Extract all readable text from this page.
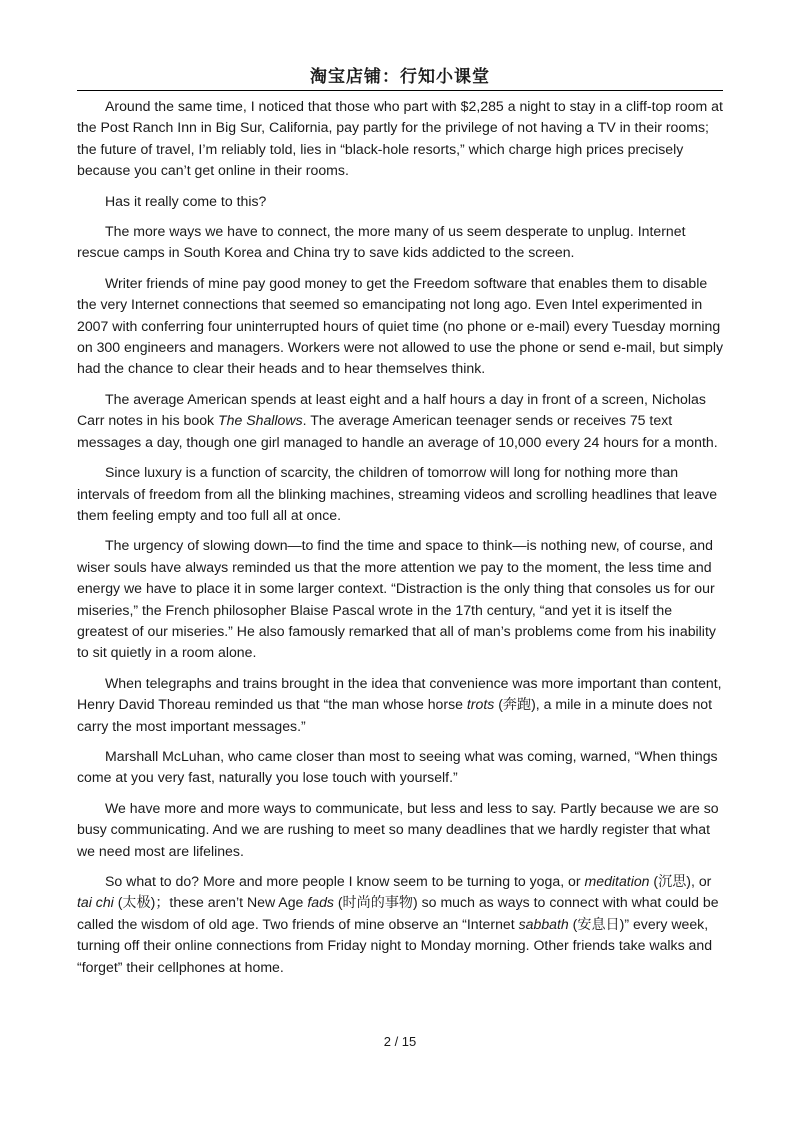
淘宝店铺：行知小课堂

Around the same time, I noticed that those who part with $2,285 a night to stay in a cliff-top room at the Post Ranch Inn in Big Sur, California, pay partly for the privilege of not having a TV in their rooms; the future of travel, I’m reliably told, lies in “black-hole resorts,” which charge high prices precisely because you can’t get online in their rooms.

Has it really come to this?

The more ways we have to connect, the more many of us seem desperate to unplug. Internet rescue camps in South Korea and China try to save kids addicted to the screen.

Writer friends of mine pay good money to get the Freedom software that enables them to disable the very Internet connections that seemed so emancipating not long ago. Even Intel experimented in 2007 with conferring four uninterrupted hours of quiet time (no phone or e-mail) every Tuesday morning on 300 engineers and managers. Workers were not allowed to use the phone or send e-mail, but simply had the chance to clear their heads and to hear themselves think.

The average American spends at least eight and a half hours a day in front of a screen, Nicholas Carr notes in his book The Shallows. The average American teenager sends or receives 75 text messages a day, though one girl managed to handle an average of 10,000 every 24 hours for a month.

Since luxury is a function of scarcity, the children of tomorrow will long for nothing more than intervals of freedom from all the blinking machines, streaming videos and scrolling headlines that leave them feeling empty and too full all at once.

The urgency of slowing down—to find the time and space to think—is nothing new, of course, and wiser souls have always reminded us that the more attention we pay to the moment, the less time and energy we have to place it in some larger context. “Distraction is the only thing that consoles us for our miseries,” the French philosopher Blaise Pascal wrote in the 17th century, “and yet it is itself the greatest of our miseries.” He also famously remarked that all of man’s problems come from his inability to sit quietly in a room alone.

When telegraphs and trains brought in the idea that convenience was more important than content, Henry David Thoreau reminded us that “the man whose horse trots (奔跑), a mile in a minute does not carry the most important messages.”

Marshall McLuhan, who came closer than most to seeing what was coming, warned, “When things come at you very fast, naturally you lose touch with yourself.”

We have more and more ways to communicate, but less and less to say. Partly because we are so busy communicating. And we are rushing to meet so many deadlines that we hardly register that what we need most are lifelines.

So what to do? More and more people I know seem to be turning to yoga, or meditation (沉思), or tai chi (太极)；these aren’t New Age fads (时尚的事物) so much as ways to connect with what could be called the wisdom of old age. Two friends of mine observe an “Internet sabbath (安息日)” every week, turning off their online connections from Friday night to Monday morning. Other friends take walks and “forget” their cellphones at home.

2 / 15
